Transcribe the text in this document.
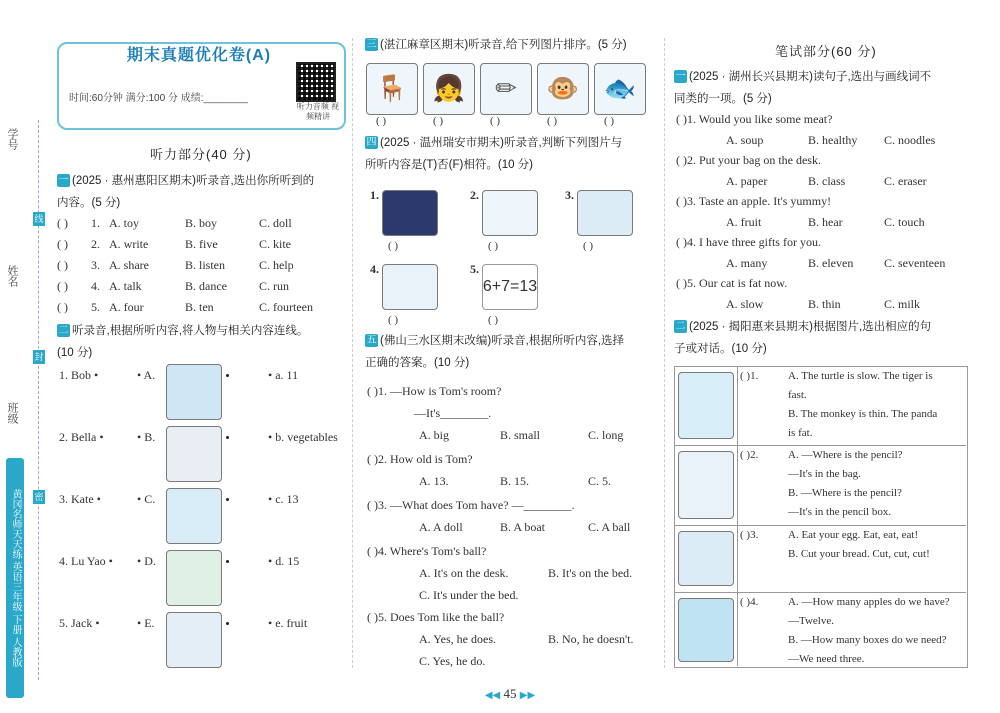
学号
姓名
班级
线
封
密
黄冈名师天天练 英语三年级 下册 人教版
期末真题优化卷(A)
时间:60分钟 满分:100 分 成绩:________
听力音频 视频精讲
听力部分(40 分)
一 (2025 · 惠州惠阳区期末)听录音,选出你所听到的
内容。(5 分)
二 听录音,根据所听内容,将人物与相关内容连线。
(10 分)
三 (湛江麻章区期末)听录音,给下列图片排序。(5 分)
四 (2025 · 温州瑞安市期末)听录音,判断下列图片与
所听内容是(T)否(F)相符。(10 分)
五 (佛山三水区期末改编)听录音,根据所听内容,选择
正确的答案。(10 分)
笔试部分(60 分)
一 (2025 · 湖州长兴县期末)读句子,选出与画线词不
同类的一项。(5 分)
二 (2025 · 揭阳惠来县期末)根据图片,选出相应的句
子或对话。(10 分)
◀◀ 45 ▶▶
( ) 1. A. toy	B. boy	C. doll
( ) 2. A. write	B. five	C. kite
( ) 3. A. share	B. listen	C. help
( ) 4. A. talk	B. dance	C. run
( ) 5. A. four	B. ten	C. fourteen
1. Bob •	• A.	• a. 11
2. Bella •	• B.	• b. vegetables
3. Kate •	• C.	• c. 13
4. Lu Yao • • D.	• d. 15
5. Jack •	• E.	• e. fruit
🪑
( )
👧
( )
✏
( )
🐵
( )
🐟
( )
1.
( )
2.
( )
3.
( )
4.
( )
5.
6+7=13
( )
( )1. —How is Tom's room?
—It's________.
A. big	B. small	C. long
( )2. How old is Tom?
A. 13.	B. 15.	C. 5.
( )3. —What does Tom have? —________.
A. A doll	B. A boat	C. A ball
( )4. Where's Tom's ball?
A. It's on the desk.	B. It's on the bed.
C. It's under the bed.
( )5. Does Tom like the ball?
A. Yes, he does.	B. No, he doesn't.
C. Yes, he do.
( )1. Would you like some meat?
A. soup	B. healthy C. noodles
( )2. Put your bag on the desk.
A. paper	B. class	C. eraser
( )3. Taste an apple. It's yummy!
A. fruit	B. hear	C. touch
( )4. I have three gifts for you.
A. many	B. eleven	C. seventeen
( )5. Our cat is fat now.
A. slow	B. thin	C. milk
( )1.	A. The turtle is slow. The tiger is
fast.
B. The monkey is thin. The panda
is fat.
( )2.	A. —Where is the pencil?
—It's in the bag.
B. —Where is the pencil?
—It's in the pencil box.
( )3.	A. Eat your egg. Eat, eat, eat!
B. Cut your bread. Cut, cut, cut!
( )4.	A. —How many apples do we have?
—Twelve.
B. —How many boxes do we need?
—We need three.
